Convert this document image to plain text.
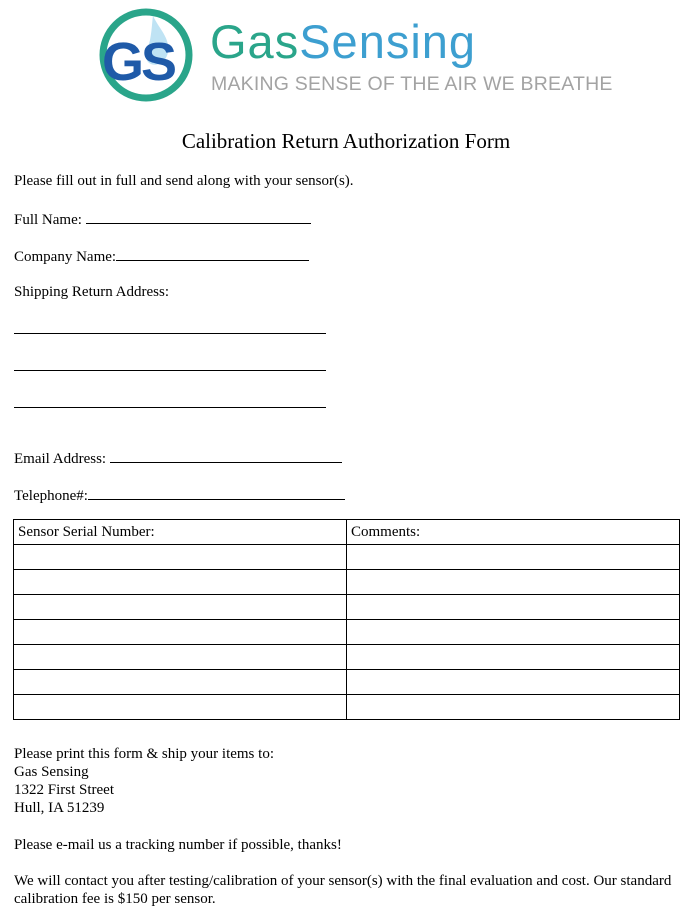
GS GasSensing
MAKING SENSE OF THE AIR WE BREATHE
Calibration Return Authorization Form
Please fill out in full and send along with your sensor(s).
Full Name:
Company Name:
Shipping Return Address:
Email Address:
Telephone#:
Sensor Serial Number:	Comments:

Please print this form & ship your items to:

Gas Sensing

1322 First Street

Hull, IA 51239

Please e-mail us a tracking number if possible, thanks!

We will contact you after testing/calibration of your sensor(s) with the final evaluation and cost. Our standard calibration fee is $150 per sensor.
